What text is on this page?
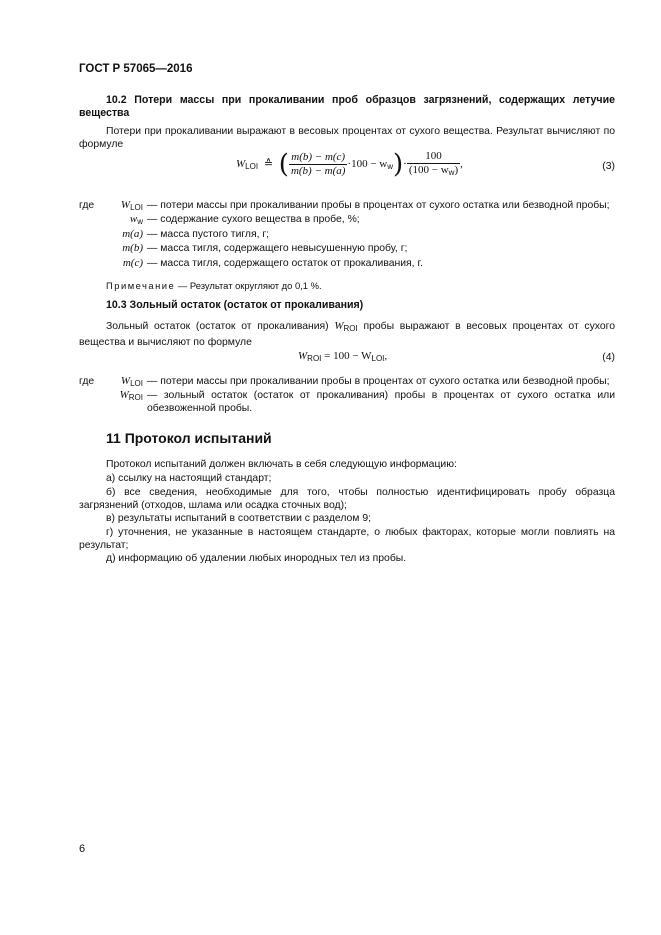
ГОСТ Р 57065—2016
10.2 Потери массы при прокаливании проб образцов загрязнений, содержащих летучие вещества
Потери при прокаливании выражают в весовых процентах от сухого вещества. Результат вычисляют по формуле
$W_{LOI}$ ≙ ( $\frac{m(b) - m(c)}{m(b) - m(a)} \cdot 100 - w_w)\cdot \frac{100}{(100 - w_w)}$ ,	(3)
где	$W_{LOI}$ — потери массы при прокаливании пробы в процентах от сухого остатка или безводной пробы;
$w_w$ — содержание сухого вещества в пробе, %;
m(a) — масса пустого тигля, г;
m(b) — масса тигля, содержащего невысушенную пробу, г;
m(c) — масса тигля, содержащего остаток от прокаливания, г.
Примечание — Результат округляют до 0,1 %.
10.3 Зольный остаток (остаток от прокаливания)
Зольный остаток (остаток от прокаливания) $W_{ROI}$ пробы выражают в весовых процентах от сухого вещества и вычисляют по формуле
$W_{ROI} = 100 - W_{LOI}$,	(4)
где	$W_{LOI}$ — потери массы при прокаливании пробы в процентах от сухого остатка или безводной пробы;
$W_{ROI}$ — зольный остаток (остаток от прокаливания) пробы в процентах от сухого остатка или обезвоженной пробы.
11 Протокол испытаний
Протокол испытаний должен включать в себя следующую информацию:
а) ссылку на настоящий стандарт;
б) все сведения, необходимые для того, чтобы полностью идентифицировать пробу образца загрязнений (отходов, шлама или осадка сточных вод);
в) результаты испытаний в соответствии с разделом 9;
г) уточнения, не указанные в настоящем стандарте, о любых факторах, которые могли повлиять на результат;
д) информацию об удалении любых инородных тел из пробы.
6
